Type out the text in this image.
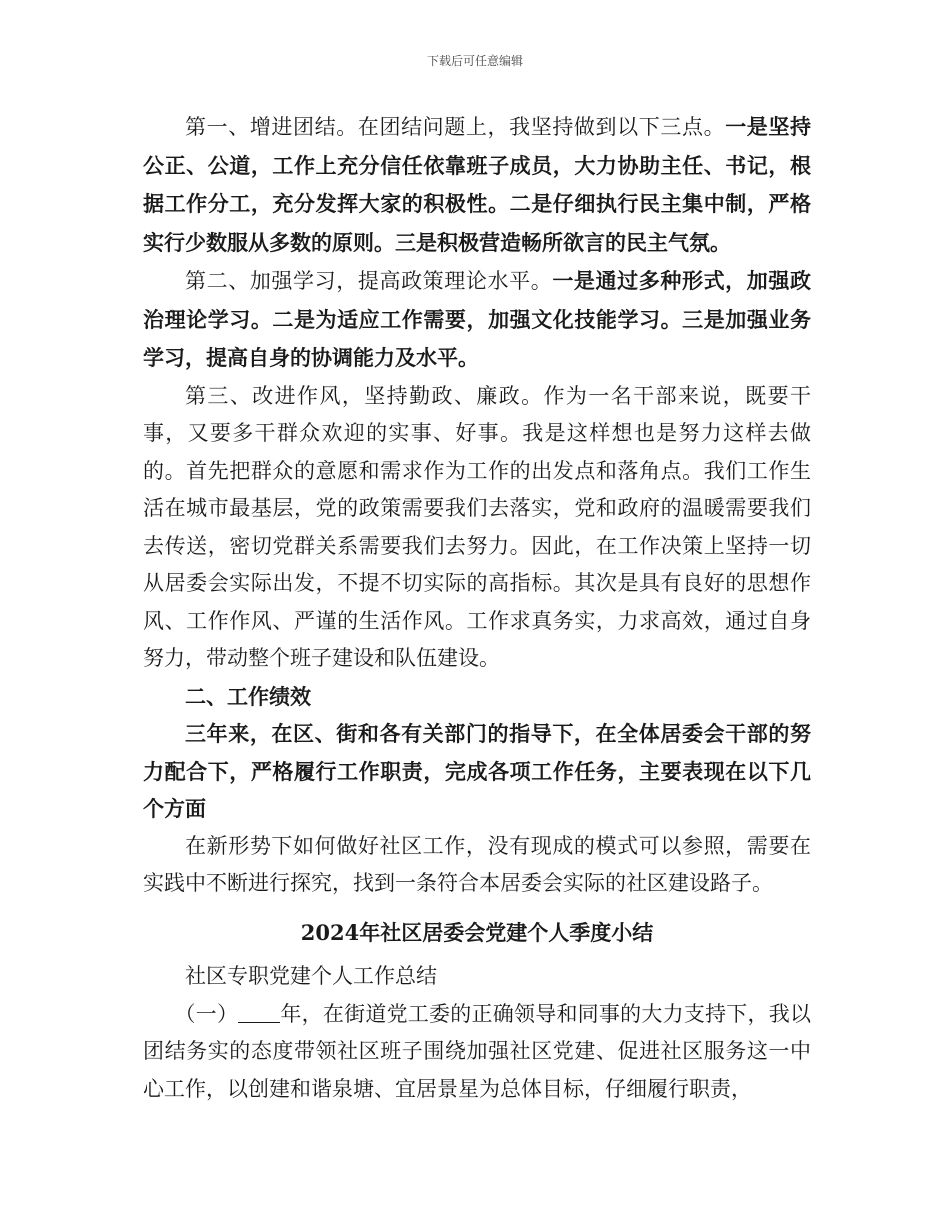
下载后可任意编辑

第一、增进团结。在团结问题上，我坚持做到以下三点。一是坚持公正、公道，工作上充分信任依靠班子成员，大力协助主任、书记，根据工作分工，充分发挥大家的积极性。二是仔细执行民主集中制，严格实行少数服从多数的原则。三是积极营造畅所欲言的民主气氛。

第二、加强学习，提高政策理论水平。一是通过多种形式，加强政治理论学习。二是为适应工作需要，加强文化技能学习。三是加强业务学习，提高自身的协调能力及水平。

第三、改进作风，坚持勤政、廉政。作为一名干部来说，既要干事，又要多干群众欢迎的实事、好事。我是这样想也是努力这样去做的。首先把群众的意愿和需求作为工作的出发点和落角点。我们工作生活在城市最基层，党的政策需要我们去落实，党和政府的温暖需要我们去传送，密切党群关系需要我们去努力。因此，在工作决策上坚持一切从居委会实际出发，不提不切实际的高指标。其次是具有良好的思想作风、工作作风、严谨的生活作风。工作求真务实，力求高效，通过自身努力，带动整个班子建设和队伍建设。

二、工作绩效

三年来，在区、街和各有关部门的指导下，在全体居委会干部的努力配合下，严格履行工作职责，完成各项工作任务，主要表现在以下几个方面

在新形势下如何做好社区工作，没有现成的模式可以参照，需要在实践中不断进行探究，找到一条符合本居委会实际的社区建设路子。

2024年社区居委会党建个人季度小结

社区专职党建个人工作总结

（一） 年，在街道党工委的正确领导和同事的大力支持下，我以团结务实的态度带领社区班子围绕加强社区党建、促进社区服务这一中心工作，以创建和谐泉塘、宜居景星为总体目标，仔细履行职责，
